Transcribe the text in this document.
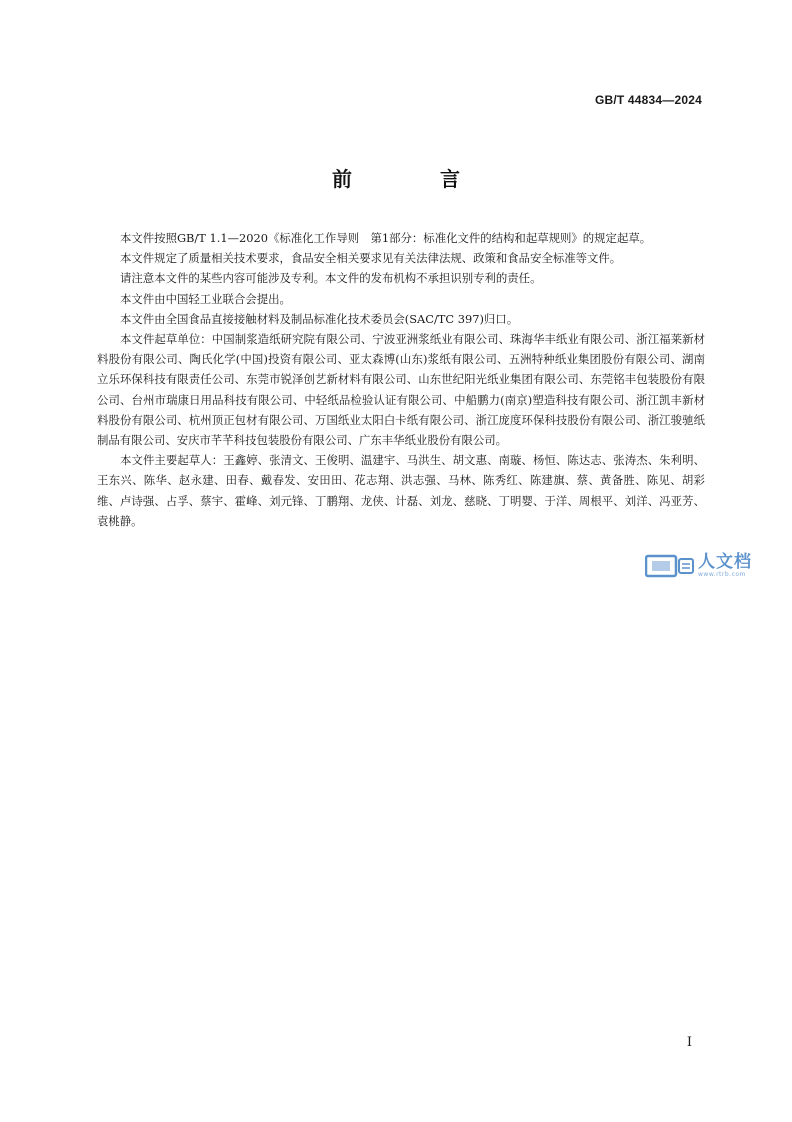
GB/T 44834—2024
前　言

本文件按照GB/T 1.1—2020《标准化工作导则　第1部分：标准化文件的结构和起草规则》的规定起草。

本文件规定了质量相关技术要求，食品安全相关要求见有关法律法规、政策和食品安全标准等文件。

请注意本文件的某些内容可能涉及专利。本文件的发布机构不承担识别专利的责任。

本文件由中国轻工业联合会提出。

本文件由全国食品直接接触材料及制品标准化技术委员会(SAC/TC 397)归口。

本文件起草单位：中国制浆造纸研究院有限公司、宁波亚洲浆纸业有限公司、珠海华丰纸业有限公司、浙江福莱新材料股份有限公司、陶氏化学(中国)投资有限公司、亚太森博(山东)浆纸有限公司、五洲特种纸业集团股份有限公司、湖南立乐环保科技有限责任公司、东莞市锐泽创艺新材料有限公司、山东世纪阳光纸业集团有限公司、东莞铭丰包装股份有限公司、台州市瑞康日用品科技有限公司、中轻纸品检验认证有限公司、中船鹏力(南京)塑造科技有限公司、浙江凯丰新材料股份有限公司、杭州顶正包材有限公司、万国纸业太阳白卡纸有限公司、浙江庞度环保科技股份有限公司、浙江骏驰纸制品有限公司、安庆市芊芊科技包装股份有限公司、广东丰华纸业股份有限公司。

本文件主要起草人：王鑫婷、张清文、王俊明、温建宇、马洪生、胡文惠、南璇、杨恒、陈达志、张涛杰、朱利明、王东兴、陈华、赵永建、田春、戴春发、安田田、花志翔、洪志强、马林、陈秀红、陈建旗、蔡、黄备胜、陈见、胡彩维、卢诗强、占孚、蔡宇、霍峰、刘元锋、丁鹏翔、龙侠、计磊、刘龙、慈晓、丁明婴、于洋、周根平、刘洋、冯亚芳、袁桃静。

人文档
www.rtrb.com
Ⅰ
